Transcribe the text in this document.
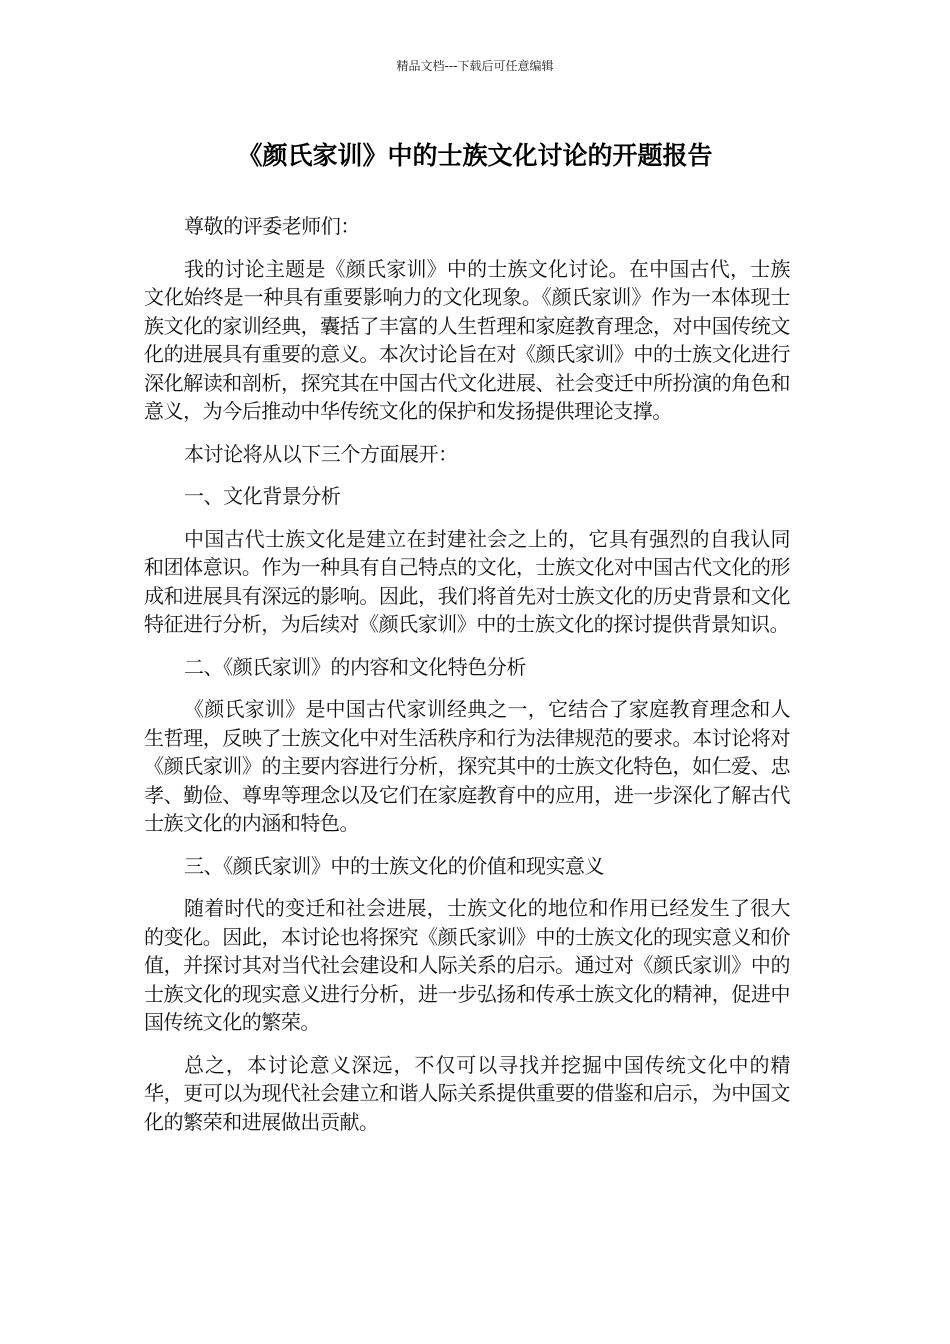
精品文档---下载后可任意编辑
《颜氏家训》中的士族文化讨论的开题报告

尊敬的评委老师们：

我的讨论主题是《颜氏家训》中的士族文化讨论。在中国古代，士族文化始终是一种具有重要影响力的文化现象。《颜氏家训》作为一本体现士族文化的家训经典，囊括了丰富的人生哲理和家庭教育理念，对中国传统文化的进展具有重要的意义。本次讨论旨在对《颜氏家训》中的士族文化进行深化解读和剖析，探究其在中国古代文化进展、社会变迁中所扮演的角色和意义，为今后推动中华传统文化的保护和发扬提供理论支撑。

本讨论将从以下三个方面展开：

一、文化背景分析

中国古代士族文化是建立在封建社会之上的，它具有强烈的自我认同和团体意识。作为一种具有自己特点的文化，士族文化对中国古代文化的形成和进展具有深远的影响。因此，我们将首先对士族文化的历史背景和文化特征进行分析，为后续对《颜氏家训》中的士族文化的探讨提供背景知识。

二、《颜氏家训》的内容和文化特色分析

《颜氏家训》是中国古代家训经典之一，它结合了家庭教育理念和人生哲理，反映了士族文化中对生活秩序和行为法律规范的要求。本讨论将对《颜氏家训》的主要内容进行分析，探究其中的士族文化特色，如仁爱、忠孝、勤俭、尊卑等理念以及它们在家庭教育中的应用，进一步深化了解古代士族文化的内涵和特色。

三、《颜氏家训》中的士族文化的价值和现实意义

随着时代的变迁和社会进展，士族文化的地位和作用已经发生了很大的变化。因此，本讨论也将探究《颜氏家训》中的士族文化的现实意义和价值，并探讨其对当代社会建设和人际关系的启示。通过对《颜氏家训》中的士族文化的现实意义进行分析，进一步弘扬和传承士族文化的精神，促进中国传统文化的繁荣。

总之，本讨论意义深远，不仅可以寻找并挖掘中国传统文化中的精华，更可以为现代社会建立和谐人际关系提供重要的借鉴和启示，为中国文化的繁荣和进展做出贡献。
